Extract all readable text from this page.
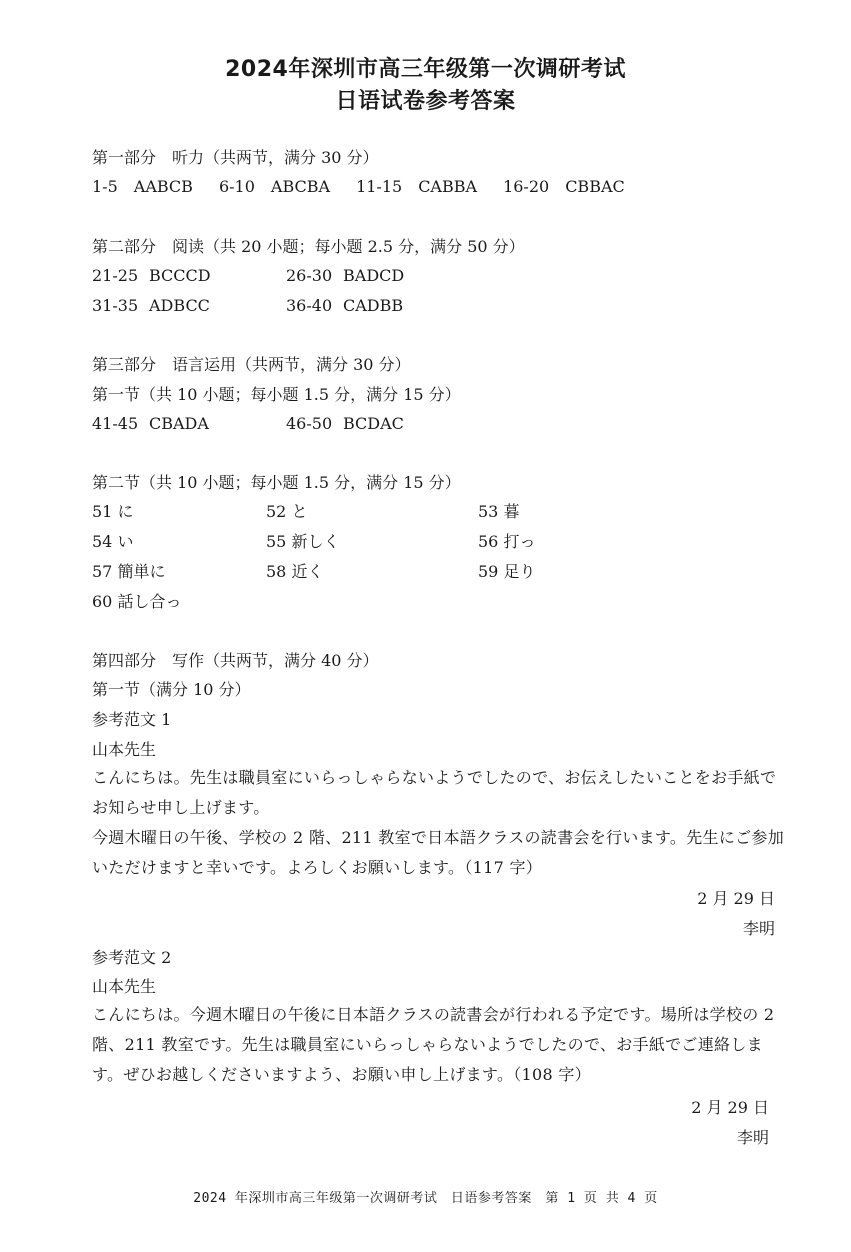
2024年深圳市高三年级第一次调研考试
日语试卷参考答案
第一部分　听力（共两节，满分 30 分）
1-5 AABCB 6-10 ABCBA 11-15 CABBA 16-20 CBBAC
第二部分　阅读（共 20 小题；每小题 2.5 分，满分 50 分）
21-25 BCCCD	26-30 BADCD
31-35 ADBCC	36-40 CADBB
第三部分　语言运用（共两节，满分 30 分）
第一节（共 10 小题；每小题 1.5 分，满分 15 分）
41-45 CBADA	46-50 BCDAC
第二节（共 10 小题；每小题 1.5 分，满分 15 分）
51 に	52 と	53 暮
54 い	55 新しく	56 打っ
57 簡単に	58 近く	59 足り
60 話し合っ
第四部分　写作（共两节，满分 40 分）
第一节（满分 10 分）
参考范文 1
山本先生
こんにちは。先生は職員室にいらっしゃらないようでしたので、お伝えしたいことをお手紙でお知らせ申し上げます。
今週木曜日の午後、学校の 2 階、211 教室で日本語クラスの読書会を行います。先生にご参加いただけますと幸いです。よろしくお願いします。（117 字）
2 月 29 日
李明
参考范文 2
山本先生
こんにちは。今週木曜日の午後に日本語クラスの読書会が行われる予定です。場所は学校の 2 階、211 教室です。先生は職員室にいらっしゃらないようでしたので、お手紙でご連絡します。ぜひお越しくださいますよう、お願い申し上げます。（108 字）
2 月 29 日
李明
2024 年深圳市高三年级第一次调研考试　日语参考答案　第 1 页 共 4 页
